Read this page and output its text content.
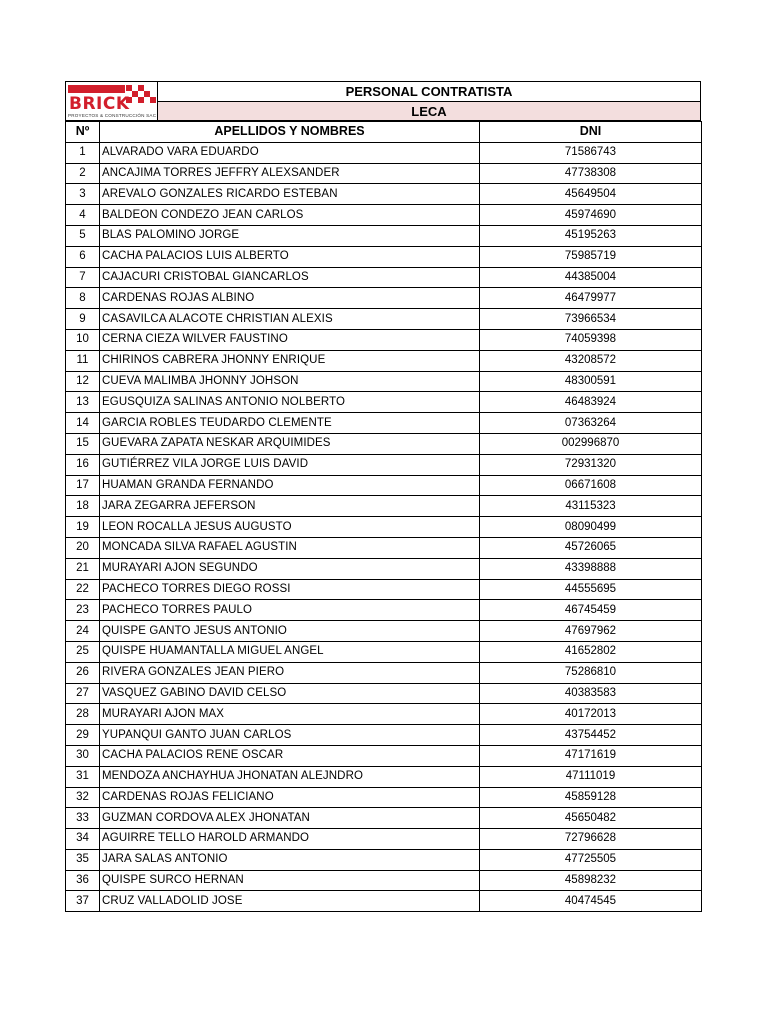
BRICK
PROYECTOS & CONSTRUCCIÓN SAC
PERSONAL CONTRATISTA
LECA
Nº	APELLIDOS Y NOMBRES	DNI
1	ALVARADO VARA EDUARDO	71586743
2	ANCAJIMA TORRES JEFFRY ALEXSANDER	47738308
3	AREVALO GONZALES RICARDO ESTEBAN	45649504
4	BALDEON CONDEZO JEAN CARLOS	45974690
5	BLAS PALOMINO JORGE	45195263
6	CACHA PALACIOS LUIS ALBERTO	75985719
7	CAJACURI CRISTOBAL GIANCARLOS	44385004
8	CARDENAS ROJAS ALBINO	46479977
9	CASAVILCA ALACOTE CHRISTIAN ALEXIS	73966534
10	CERNA CIEZA WILVER FAUSTINO	74059398
11	CHIRINOS CABRERA JHONNY ENRIQUE	43208572
12	CUEVA MALIMBA JHONNY JOHSON	48300591
13	EGUSQUIZA SALINAS ANTONIO NOLBERTO	46483924
14	GARCIA ROBLES TEUDARDO CLEMENTE	07363264
15	GUEVARA ZAPATA NESKAR ARQUIMIDES	002996870
16	GUTIÉRREZ VILA JORGE LUIS DAVID	72931320
17	HUAMAN GRANDA FERNANDO	06671608
18	JARA ZEGARRA JEFERSON	43115323
19	LEON ROCALLA JESUS AUGUSTO	08090499
20	MONCADA SILVA RAFAEL AGUSTIN	45726065
21	MURAYARI AJON SEGUNDO	43398888
22	PACHECO TORRES DIEGO ROSSI	44555695
23	PACHECO TORRES PAULO	46745459
24	QUISPE GANTO JESUS ANTONIO	47697962
25	QUISPE HUAMANTALLA MIGUEL ANGEL	41652802
26	RIVERA GONZALES JEAN PIERO	75286810
27	VASQUEZ GABINO DAVID CELSO	40383583
28	MURAYARI AJON MAX	40172013
29	YUPANQUI GANTO JUAN CARLOS	43754452
30	CACHA PALACIOS RENE OSCAR	47171619
31	MENDOZA ANCHAYHUA JHONATAN ALEJNDRO	47111019
32	CARDENAS ROJAS FELICIANO	45859128
33	GUZMAN CORDOVA ALEX JHONATAN	45650482
34	AGUIRRE TELLO HAROLD ARMANDO	72796628
35	JARA SALAS ANTONIO	47725505
36	QUISPE SURCO HERNAN	45898232
37	CRUZ VALLADOLID JOSE	40474545
